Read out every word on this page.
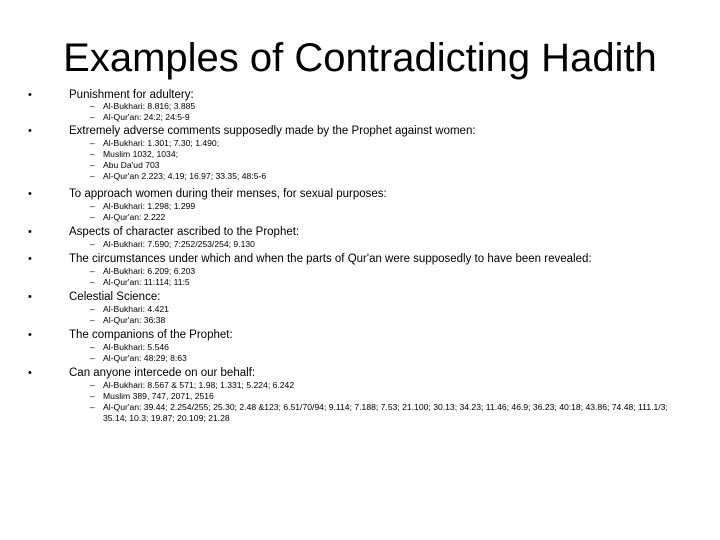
Examples of Contradicting Hadith
•	Punishment for adultery:
– Al-Bukhari: 8.816; 3.885
– Al-Qur'an: 24:2; 24:5-9
•	Extremely adverse comments supposedly made by the Prophet against women:
– Al-Bukhari: 1.301; 7.30; 1.490;
– Muslim 1032, 1034;
– Abu Da'ud 703
– Al-Qur'an 2.223; 4.19; 16.97; 33.35; 48:5-6
•	To approach women during their menses, for sexual purposes:
– Al-Bukhari: 1.298; 1.299
– Al-Qur'an: 2.222
•	Aspects of character ascribed to the Prophet:
– Al-Bukhari: 7.590; 7:252/253/254; 9.130
•	The circumstances under which and when the parts of Qur'an were supposedly to have been revealed:
– Al-Bukhari: 6.209; 6.203
– Al-Qur'an: 11:114; 11:5
•	Celestial Science:
– Al-Bukhari: 4.421
– Al-Qur'an: 36:38
•	The companions of the Prophet:
– Al-Bukhari: 5.546
– Al-Qur'an: 48:29; 8:63
•	Can anyone intercede on our behalf:
– Al-Bukhari: 8.567 & 571; 1.98; 1.331; 5.224; 6.242
– Muslim 389, 747, 2071, 2516
– Al-Qur'an: 39.44; 2.254/255; 25.30; 2.48 &123; 6.51/70/94; 9.114; 7.188; 7.53; 21.100; 30.13; 34.23; 11.46; 46.9; 36.23; 40:18; 43.86; 74.48; 111.1/3; 35.14; 10.3; 19.87; 20.109; 21.28
